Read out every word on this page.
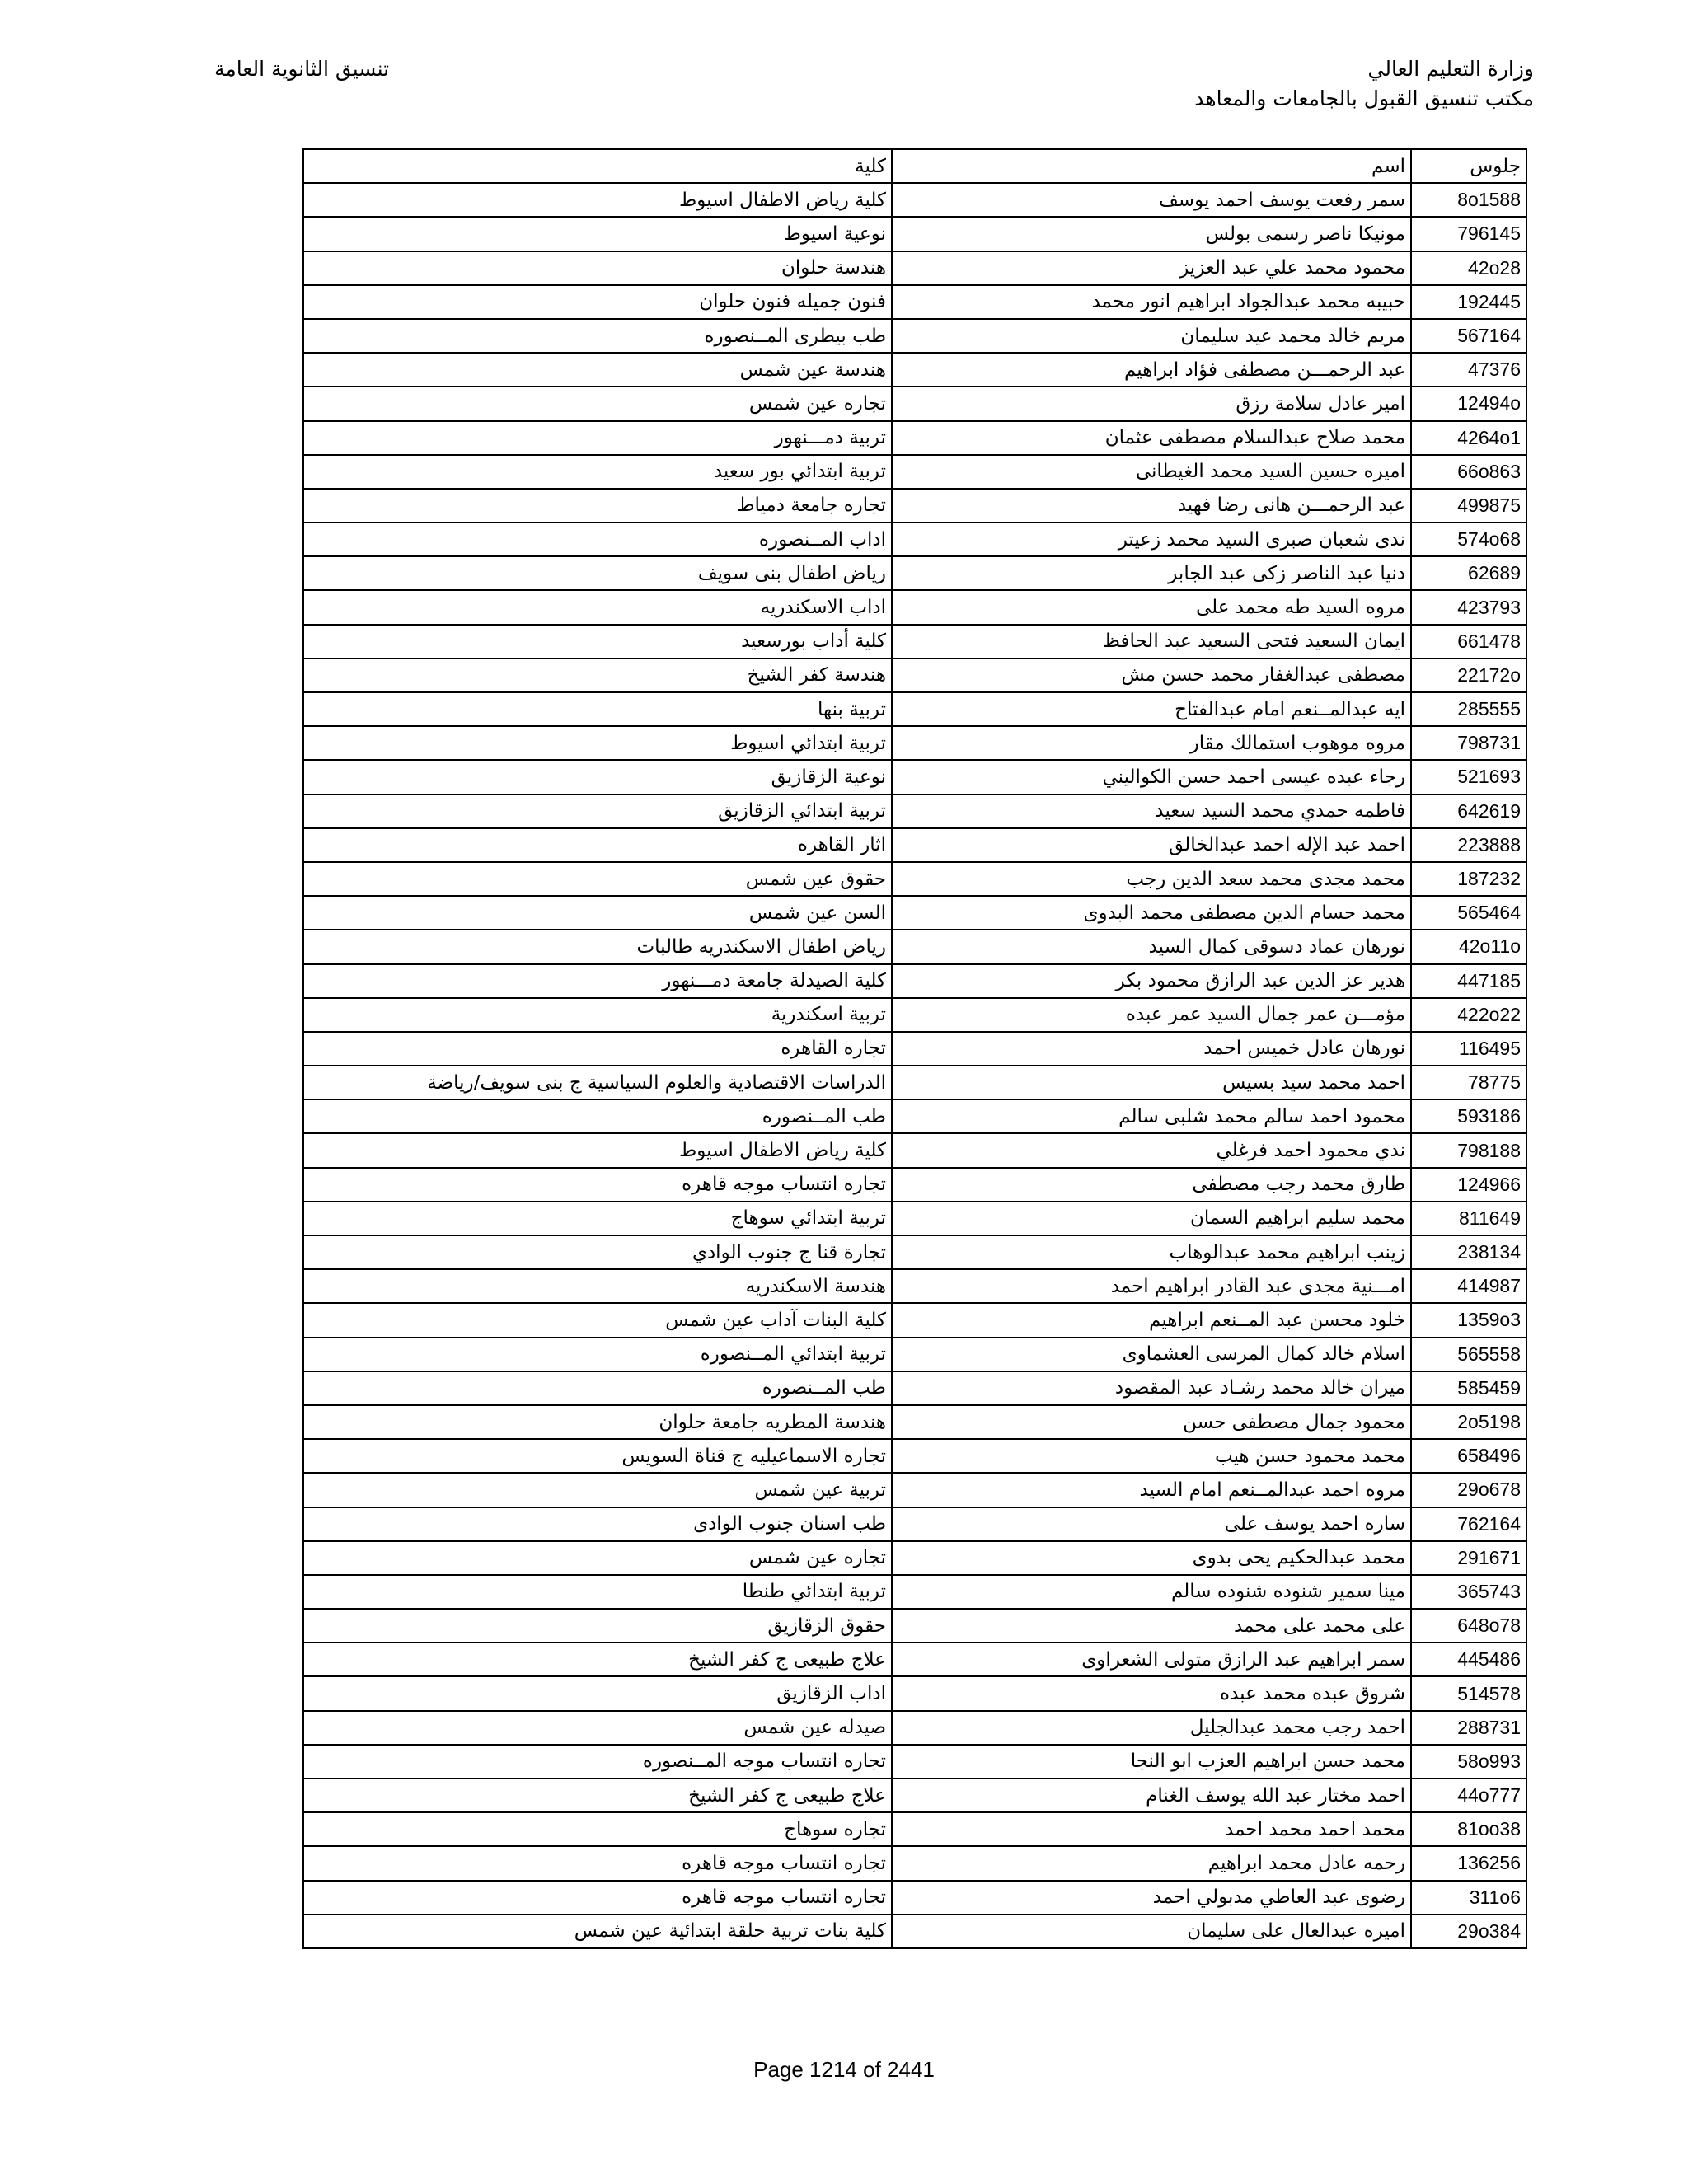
وزارة التعليم العالي
مكتب تنسيق القبول بالجامعات والمعاهد
تنسيق الثانوية العامة
جلوس	اسم	كلية
8o1588	سمر رفعت يوسف احمد يوسف	كلية رياض الاطفال اسيوط
796145	مونيكا ناصر رسمى بولس	نوعية اسيوط
42o28	محمود محمد علي عبد العزيز	هندسة حلوان
192445	حبيبه محمد عبدالجواد ابراهيم انور محمد	فنون جميله فنون حلوان
567164	مريم خالد محمد عيد سليمان	طب بيطرى المــنصوره
47376	عبد الرحمـــن مصطفى فؤاد ابراهيم	هندسة عين شمس
12494o	امير عادل سلامة رزق	تجاره عين شمس
4264o1	محمد صلاح عبدالسلام مصطفى عثمان	تربية دمـــنهور
66o863	اميره حسين السيد محمد الغيطانى	تربية ابتدائي بور سعيد
499875	عبد الرحمـــن هانى رضا فهيد	تجاره جامعة دمياط
574o68	ندى شعبان صبرى السيد محمد زعيتر	اداب المــنصوره
62689	دنيا عبد الناصر زكى عبد الجابر	رياض اطفال بنى سويف
423793	مروه السيد طه محمد على	اداب الاسكندريه
661478	ايمان السعيد فتحى السعيد عبد الحافظ	كلية أداب بورسعيد
22172o	مصطفى عبدالغفار محمد حسن مش	هندسة كفر الشيخ
285555	ايه عبدالمــنعم امام عبدالفتاح	تربية بنها
798731	مروه موهوب استمالك مقار	تربية ابتدائي اسيوط
521693	رجاء عبده عيسى احمد حسن الكواليني	نوعية الزقازيق
642619	فاطمه حمدي محمد السيد سعيد	تربية ابتدائي الزقازيق
223888	احمد عبد الإله احمد عبدالخالق	اثار القاهره
187232	محمد مجدى محمد سعد الدين رجب	حقوق عين شمس
565464	محمد حسام الدين مصطفى محمد البدوى	السن عين شمس
42o11o	نورهان عماد دسوقى كمال السيد	رياض اطفال الاسكندريه طالبات
447185	هدير عز الدين عبد الرازق محمود بكر	كلية الصيدلة جامعة دمـــنهور
422o22	مؤمـــن عمر جمال السيد عمر عبده	تربية اسكندرية
116495	نورهان عادل خميس احمد	تجاره القاهره
78775	احمد محمد سيد بسيس	الدراسات الاقتصادية والعلوم السياسية ج بنى سويف/رياضة
593186	محمود احمد سالم محمد شلبى سالم	طب المــنصوره
798188	ندي محمود احمد فرغلي	كلية رياض الاطفال اسيوط
124966	طارق محمد رجب مصطفى	تجاره انتساب موجه قاهره
811649	محمد سليم ابراهيم السمان	تربية ابتدائي سوهاج
238134	زينب ابراهيم محمد عبدالوهاب	تجارة قنا ج جنوب الوادي
414987	امـــنية مجدى عبد القادر ابراهيم احمد	هندسة الاسكندريه
1359o3	خلود محسن عبد المــنعم ابراهيم	كلية البنات آداب عين شمس
565558	اسلام خالد كمال المرسى العشماوى	تربية ابتدائي المــنصوره
585459	ميران خالد محمد رشـاد عبد المقصود	طب المــنصوره
2o5198	محمود جمال مصطفى حسن	هندسة المطريه جامعة حلوان
658496	محمد محمود حسن هيب	تجاره الاسماعيليه ج قناة السويس
29o678	مروه احمد عبدالمــنعم امام السيد	تربية عين شمس
762164	ساره احمد يوسف على	طب اسنان جنوب الوادى
291671	محمد عبدالحكيم يحى بدوى	تجاره عين شمس
365743	مينا سمير شنوده شنوده سالم	تربية ابتدائي طنطا
648o78	على محمد على محمد	حقوق الزقازيق
445486	سمر ابراهيم عبد الرازق متولى الشعراوى	علاج طبيعى ج كفر الشيخ
514578	شروق عبده محمد عبده	اداب الزقازيق
288731	احمد رجب محمد عبدالجليل	صيدله عين شمس
58o993	محمد حسن ابراهيم العزب ابو النجا	تجاره انتساب موجه المــنصوره
44o777	احمد مختار عبد الله يوسف الغنام	علاج طبيعى ج كفر الشيخ
81oo38	محمد احمد محمد احمد	تجاره سوهاج
136256	رحمه عادل محمد ابراهيم	تجاره انتساب موجه قاهره
311o6	رضوى عبد العاطي مدبولي احمد	تجاره انتساب موجه قاهره
29o384	اميره عبدالعال على سليمان	كلية بنات تربية حلقة ابتدائية عين شمس
Page 1214 of 2441
